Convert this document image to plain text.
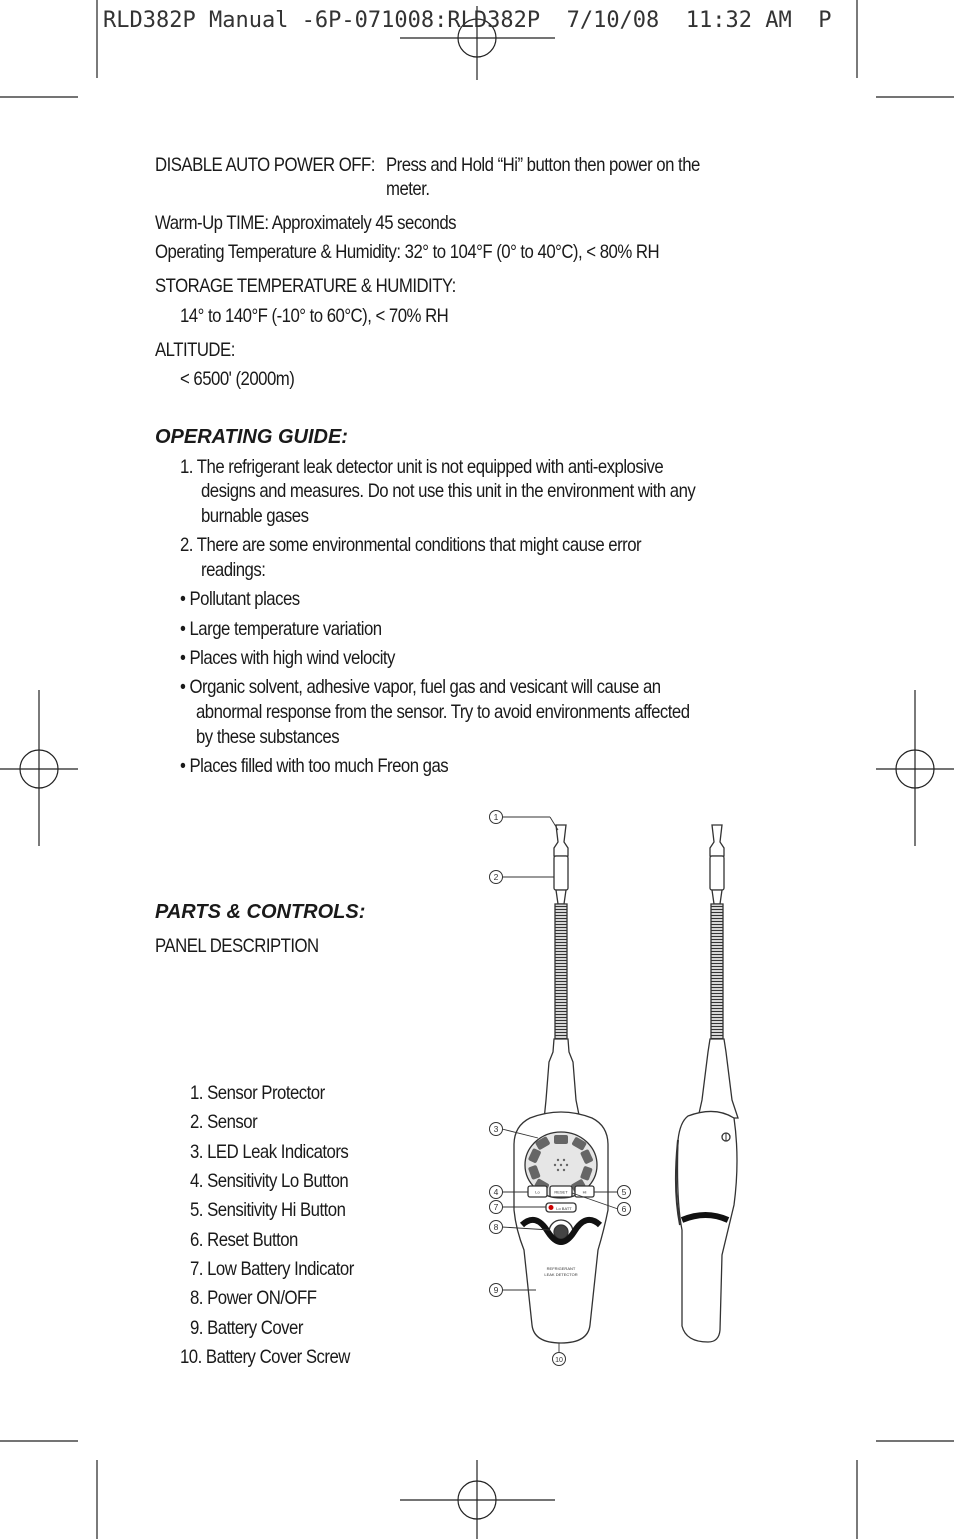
RLD382P Manual -6P-071008:RLD382P  7/10/08  11:32 AM  P
DISABLE AUTO POWER OFF: Press and Hold “Hi” button then power on the
meter.
Warm-Up TIME: Approximately 45 seconds
Operating Temperature & Humidity: 32° to 104°F (0° to 40°C), < 80% RH
STORAGE TEMPERATURE & HUMIDITY:
14° to 140°F (-10° to 60°C), < 70% RH
ALTITUDE:
< 6500' (2000m)
OPERATING GUIDE:
1. The refrigerant leak detector unit is not equipped with anti-explosive
designs and measures. Do not use this unit in the environment with any
burnable gases
2. There are some environmental conditions that might cause error
readings:
• Pollutant places
• Large temperature variation
• Places with high wind velocity
• Organic solvent, adhesive vapor, fuel gas and vesicant will cause an
abnormal response from the sensor. Try to avoid environments affected
by these substances
• Places filled with too much Freon gas
PARTS & CONTROLS:
PANEL DESCRIPTION
1. Sensor Protector
2. Sensor
3. LED Leak Indicators
4. Sensitivity Lo Button
5. Sensitivity Hi Button
6. Reset Button
7. Low Battery Indicator
8. Power ON/OFF
9. Battery Cover
10. Battery Cover Screw
Lo	RESET	Hi
Lo BATT
REFRIGERANT
LEAK DETECTOR
1
2
3
4	5
6
7
8
9
10
